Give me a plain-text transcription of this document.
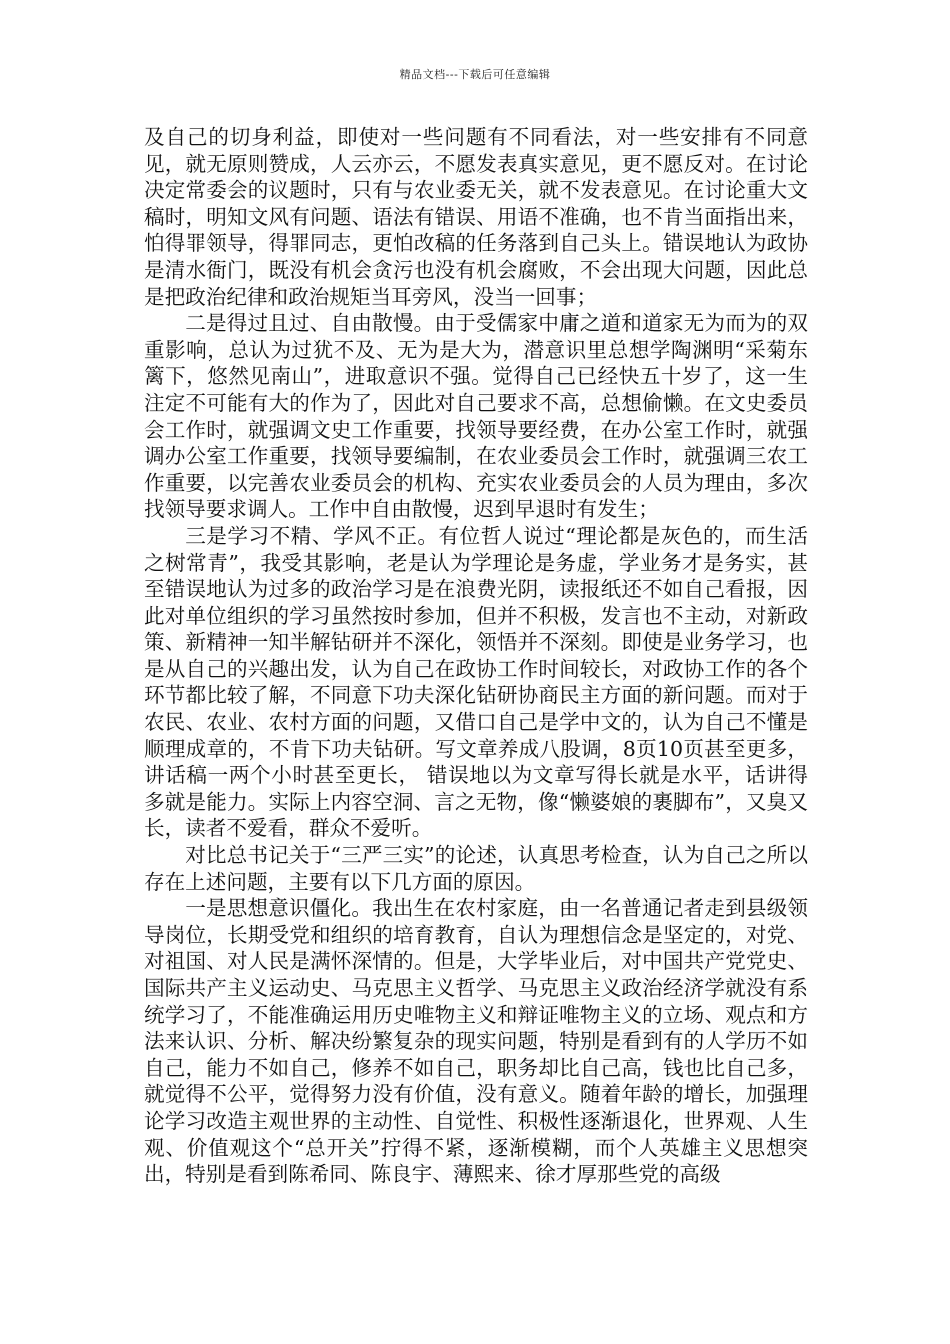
精品文档---下载后可任意编辑

及自己的切身利益，即使对一些问题有不同看法，对一些安排有不同意见，就无原则赞成，人云亦云，不愿发表真实意见，更不愿反对。在讨论决定常委会的议题时，只有与农业委无关，就不发表意见。在讨论重大文稿时，明知文风有问题、语法有错误、用语不准确，也不肯当面指出来，怕得罪领导，得罪同志，更怕改稿的任务落到自己头上。错误地认为政协是清水衙门，既没有机会贪污也没有机会腐败，不会出现大问题，因此总是把政治纪律和政治规矩当耳旁风，没当一回事；

二是得过且过、自由散慢。由于受儒家中庸之道和道家无为而为的双重影响，总认为过犹不及、无为是大为，潜意识里总想学陶渊明“采菊东篱下，悠然见南山”，进取意识不强。觉得自己已经快五十岁了，这一生注定不可能有大的作为了，因此对自己要求不高，总想偷懒。在文史委员会工作时，就强调文史工作重要，找领导要经费，在办公室工作时，就强调办公室工作重要，找领导要编制，在农业委员会工作时，就强调三农工作重要，以完善农业委员会的机构、充实农业委员会的人员为理由，多次找领导要求调人。工作中自由散慢，迟到早退时有发生；

三是学习不精、学风不正。有位哲人说过“理论都是灰色的，而生活之树常青”，我受其影响，老是认为学理论是务虚，学业务才是务实，甚至错误地认为过多的政治学习是在浪费光阴，读报纸还不如自己看报，因此对单位组织的学习虽然按时参加，但并不积极，发言也不主动，对新政策、新精神一知半解钻研并不深化，领悟并不深刻。即使是业务学习，也是从自己的兴趣出发，认为自己在政协工作时间较长，对政协工作的各个环节都比较了解，不同意下功夫深化钻研协商民主方面的新问题。而对于农民、农业、农村方面的问题，又借口自己是学中文的，认为自己不懂是顺理成章的，不肯下功夫钻研。写文章养成八股调，8页10页甚至更多，讲话稿一两个小时甚至更长， 错误地以为文章写得长就是水平，话讲得多就是能力。实际上内容空洞、言之无物，像“懒婆娘的裹脚布”，又臭又长，读者不爱看，群众不爱听。

对比总书记关于“三严三实”的论述，认真思考检查，认为自己之所以存在上述问题，主要有以下几方面的原因。

一是思想意识僵化。我出生在农村家庭，由一名普通记者走到县级领导岗位，长期受党和组织的培育教育，自认为理想信念是坚定的，对党、对祖国、对人民是满怀深情的。但是，大学毕业后，对中国共产党党史、国际共产主义运动史、马克思主义哲学、马克思主义政治经济学就没有系统学习了，不能准确运用历史唯物主义和辩证唯物主义的立场、观点和方法来认识、分析、解决纷繁复杂的现实问题，特别是看到有的人学历不如自己，能力不如自己，修养不如自己，职务却比自己高，钱也比自己多，就觉得不公平，觉得努力没有价值，没有意义。随着年龄的增长，加强理论学习改造主观世界的主动性、自觉性、积极性逐渐退化，世界观、人生观、价值观这个“总开关”拧得不紧，逐渐模糊，而个人英雄主义思想突出，特别是看到陈希同、陈良宇、薄熙来、徐才厚那些党的高级
